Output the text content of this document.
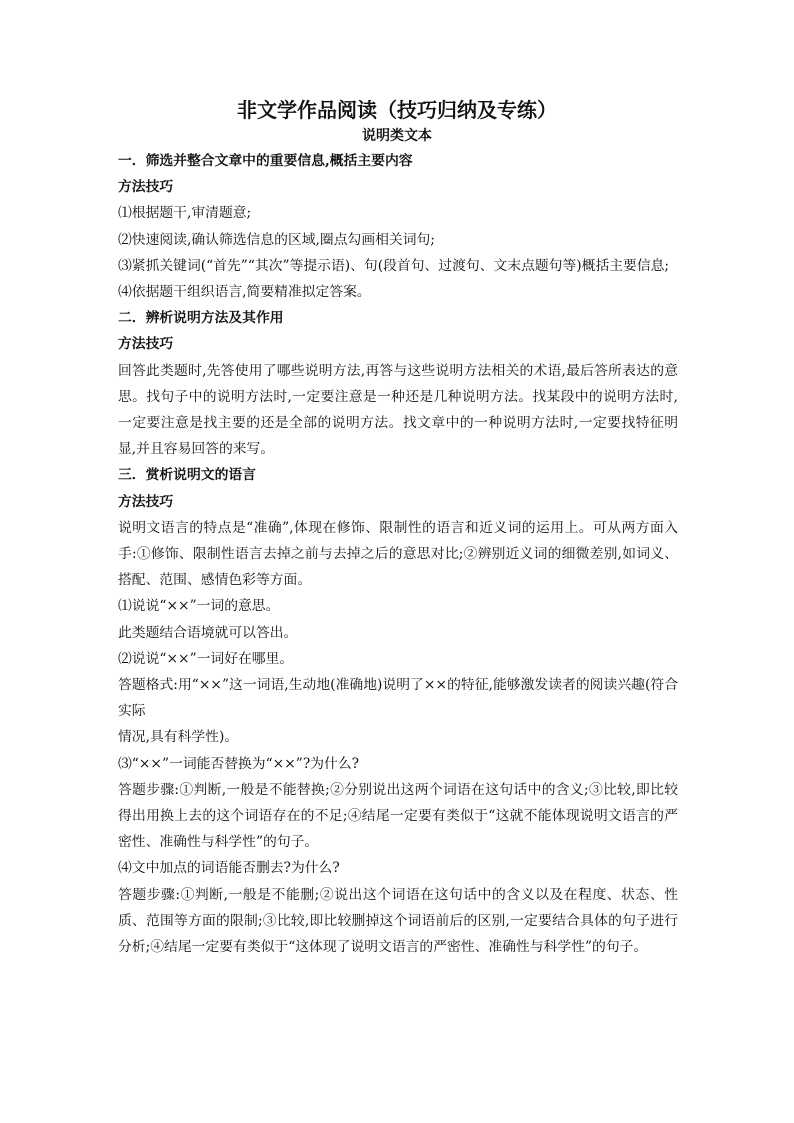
非文学作品阅读（技巧归纳及专练）
说明类文本
一．筛选并整合文章中的重要信息,概括主要内容
方法技巧
⑴根据题干,审清题意;
⑵快速阅读,确认筛选信息的区域,圈点勾画相关词句;
⑶紧抓关键词(“首先”“其次”等提示语)、句(段首句、过渡句、文末点题句等)概括主要信息;
⑷依据题干组织语言,简要精准拟定答案。
二．辨析说明方法及其作用
方法技巧
回答此类题时,先答使用了哪些说明方法,再答与这些说明方法相关的术语,最后答所表达的意思。找句子中的说明方法时,一定要注意是一种还是几种说明方法。找某段中的说明方法时,一定要注意是找主要的还是全部的说明方法。找文章中的一种说明方法时,一定要找特征明显,并且容易回答的来写。
三．赏析说明文的语言
方法技巧
说明文语言的特点是“准确”,体现在修饰、限制性的语言和近义词的运用上。可从两方面入手:①修饰、限制性语言去掉之前与去掉之后的意思对比;②辨别近义词的细微差别,如词义、搭配、范围、感情色彩等方面。
⑴说说“××”一词的意思。
此类题结合语境就可以答出。
⑵说说“××”一词好在哪里。
答题格式:用“××”这一词语,生动地(准确地)说明了××的特征,能够激发读者的阅读兴趣(符合实际
情况,具有科学性)。
⑶“××”一词能否替换为“××”?为什么?
答题步骤:①判断,一般是不能替换;②分别说出这两个词语在这句话中的含义;③比较,即比较得出用换上去的这个词语存在的不足;④结尾一定要有类似于“这就不能体现说明文语言的严密性、准确性与科学性”的句子。
⑷文中加点的词语能否删去?为什么?
答题步骤:①判断,一般是不能删;②说出这个词语在这句话中的含义以及在程度、状态、性质、范围等方面的限制;③比较,即比较删掉这个词语前后的区别,一定要结合具体的句子进行分析;④结尾一定要有类似于“这体现了说明文语言的严密性、准确性与科学性”的句子。
